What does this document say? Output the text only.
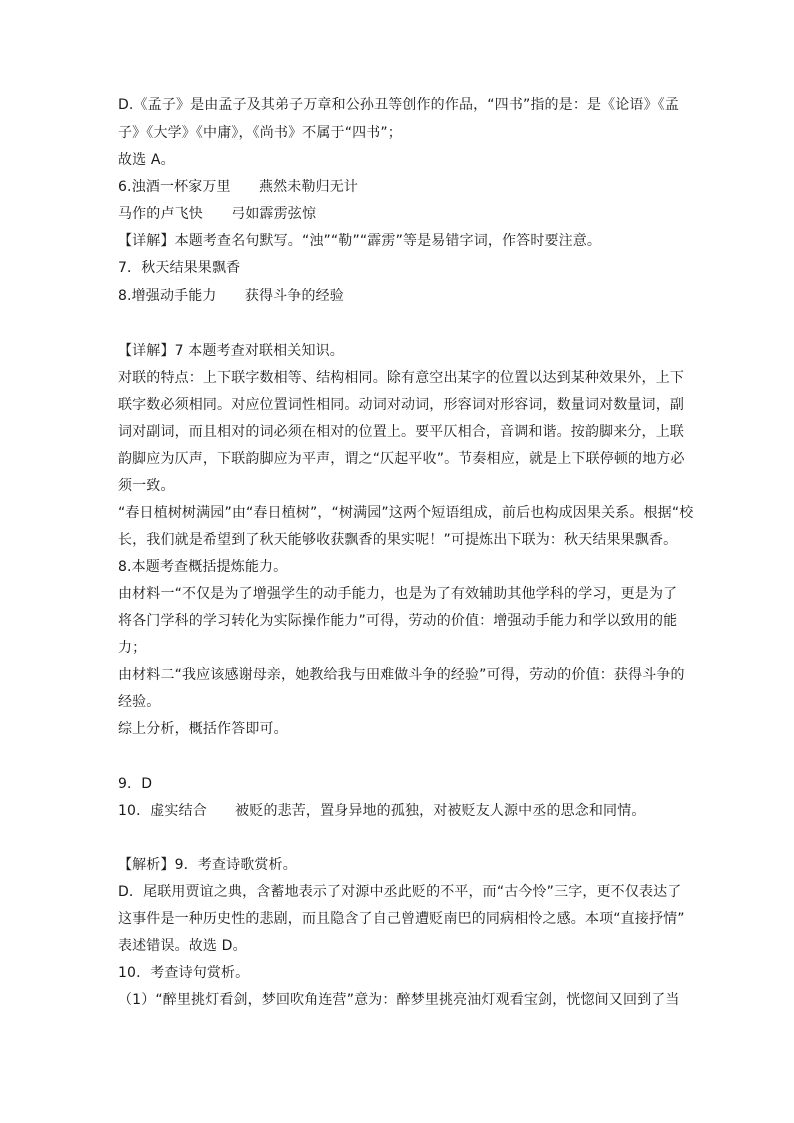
D.《孟子》是由孟子及其弟子万章和公孙丑等创作的作品，“四书”指的是：是《论语》《孟
子》《大学》《中庸》，《尚书》不属于“四书”；
故选 A。
6.浊酒一杯家万里　　燕然未勒归无计
马作的卢飞快　　弓如霹雳弦惊
【详解】本题考查名句默写。“浊”“勒”“霹雳”等是易错字词，作答时要注意。
7．秋天结果果飘香
8.增强动手能力　　获得斗争的经验
【详解】7 本题考查对联相关知识。
对联的特点：上下联字数相等、结构相同。除有意空出某字的位置以达到某种效果外，上下
联字数必须相同。对应位置词性相同。动词对动词，形容词对形容词，数量词对数量词，副
词对副词，而且相对的词必须在相对的位置上。要平仄相合，音调和谐。按韵脚来分，上联
韵脚应为仄声，下联韵脚应为平声，谓之“仄起平收”。节奏相应，就是上下联停顿的地方必
须一致。
“春日植树树满园”由“春日植树”，“树满园”这两个短语组成，前后也构成因果关系。根据“校
长，我们就是希望到了秋天能够收获飘香的果实呢！”可提炼出下联为：秋天结果果飘香。
8.本题考查概括提炼能力。
由材料一“不仅是为了增强学生的动手能力，也是为了有效辅助其他学科的学习，更是为了
将各门学科的学习转化为实际操作能力”可得，劳动的价值：增强动手能力和学以致用的能
力；
由材料二“我应该感谢母亲，她教给我与田难做斗争的经验”可得，劳动的价值：获得斗争的
经验。
综上分析，概括作答即可。
9．D
10．虚实结合　　被贬的悲苦，置身异地的孤独，对被贬友人源中丞的思念和同情。
【解析】9．考查诗歌赏析。
D．尾联用贾谊之典，含蓄地表示了对源中丞此贬的不平，而“古今怜”三字，更不仅表达了
这事件是一种历史性的悲剧，而且隐含了自己曾遭贬南巴的同病相怜之感。本项“直接抒情”
表述错误。故选 D。
10．考查诗句赏析。
（1）“醉里挑灯看剑，梦回吹角连营”意为：醉梦里挑亮油灯观看宝剑，恍惚间又回到了当
